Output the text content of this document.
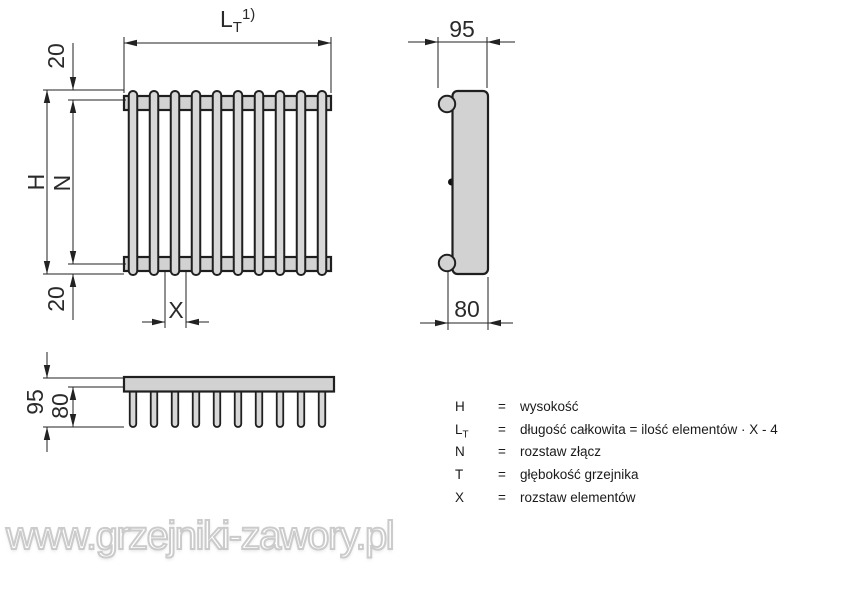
$L_T^{1)}$
H N
20
20	X
95
80
95 80	H	=	wysokość
$L_T$	=	długość całkowita = ilość elementów · X - 4
N	=	rozstaw złącz
T	=	głębokość grzejnika
X	=	rozstaw elementów
www.grzejniki-zawory.pl
